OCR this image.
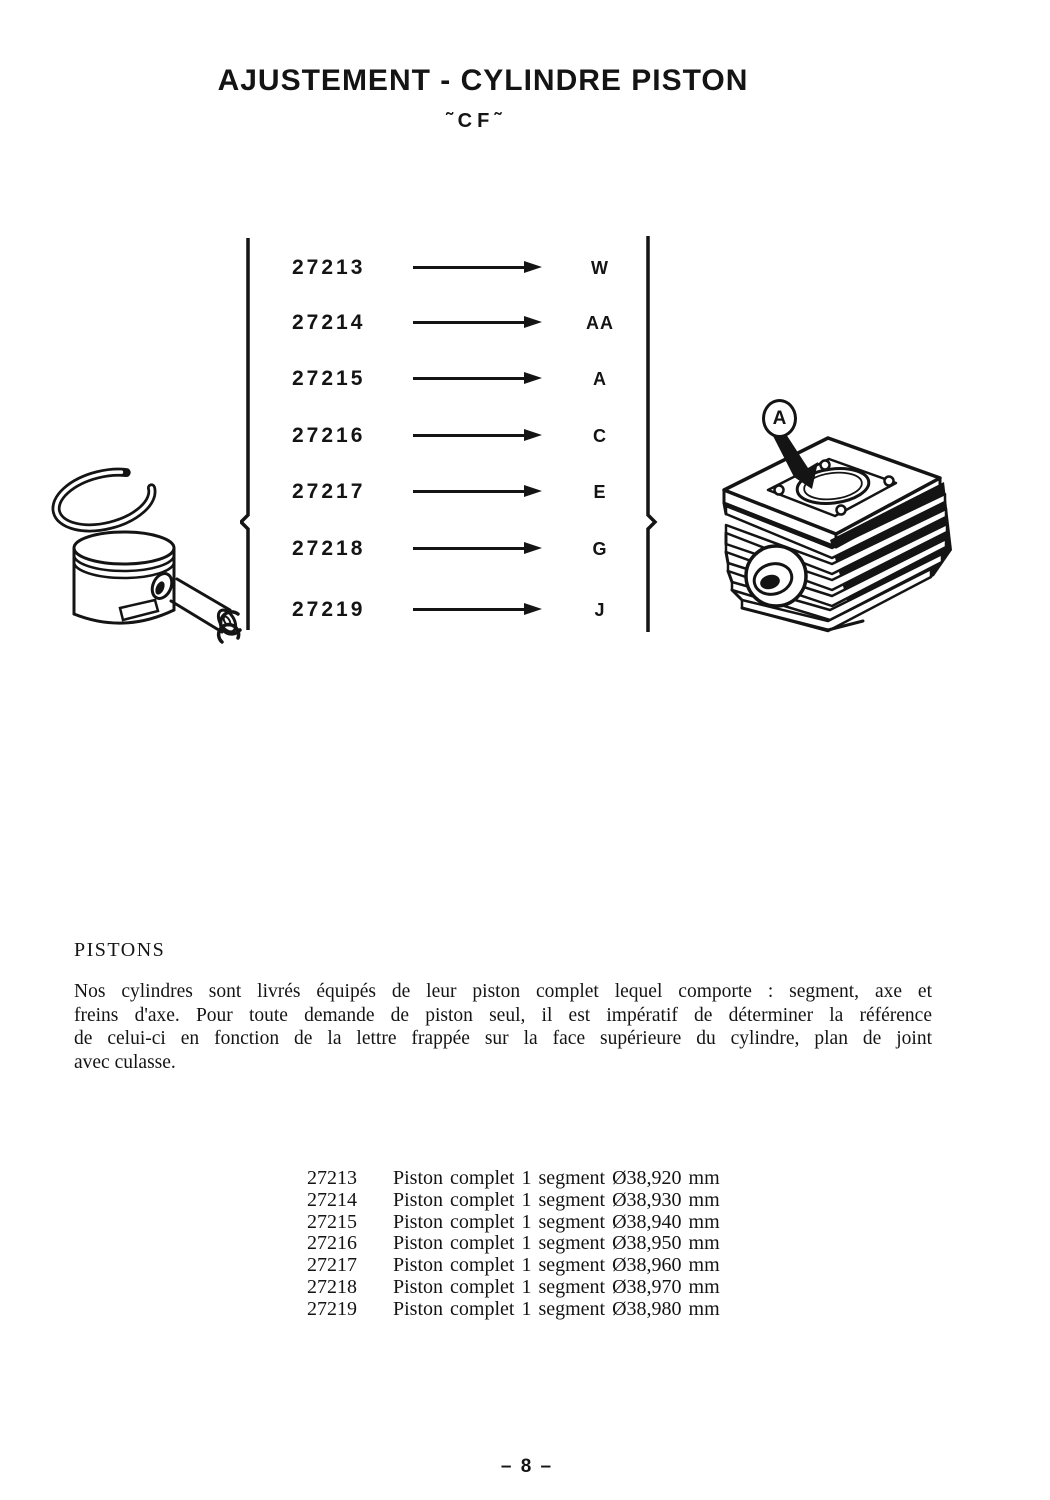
AJUSTEMENT - CYLINDRE PISTON
˜CF˜
27213	W
27214	AA
27215	A
27216	C
27217	E
27218	G
27219	J
A
PISTONS
Nos cylindres sont livrés équipés de leur piston complet lequel comporte : segment, axe et
freins d'axe. Pour toute demande de piston seul, il est impératif de déterminer la référence
de celui-ci en fonction de la lettre frappée sur la face supérieure du cylindre, plan de joint
avec culasse.
27213	Piston complet 1 segment Ø38,920 mm
27214	Piston complet 1 segment Ø38,930 mm
27215	Piston complet 1 segment Ø38,940 mm
27216	Piston complet 1 segment Ø38,950 mm
27217	Piston complet 1 segment Ø38,960 mm
27218	Piston complet 1 segment Ø38,970 mm
27219	Piston complet 1 segment Ø38,980 mm
– 8 –
